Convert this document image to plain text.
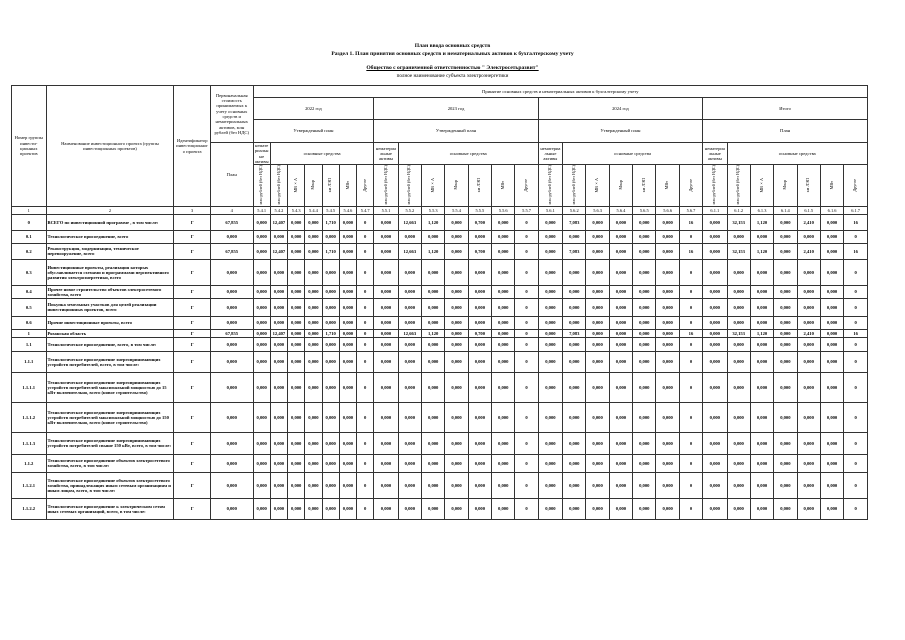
План ввода основных средств
Раздел 1. План принятия основных средств и нематериальных активов к бухгалтерскому учету
Общество с ограниченной ответственностью " Электросетьразвит"
полное наименование субъекта электроэнергетики
Номер группы инвести-ционных проектов	Наименование инвестиционного проекта (группы инвестиционных проектов)	Идентификатор инвестиционного проекта	Первоначальная стоимость принимаемых к учету основных средств и нематериальных активов, млн рублей (без НДС)	Принятие основных средств и нематериальных активов к бухгалтерскому учету																											
				2022 год							2023 год							2024 год							Итого						
				Утвержденный план							Утвержденный план							Утвержденный план							План						
			План	нематериальные активы	основные средства						нематериальные активы	основные средства						нематериальные активы	основные средства						нематериальные активы	основные средства					
				млн рублей (без НДС)	млн рублей (без НДС)	МВ×А	Мвар	км ЛЭП	МВт	Другое	млн рублей (без НДС)	млн рублей (без НДС)	МВ×А	Мвар	км ЛЭП	МВт	Другое	млн рублей (без НДС)	млн рублей (без НДС)	МВ×А	Мвар	км ЛЭП	МВт	Другое	млн рублей (без НДС)	млн рублей (без НДС)	МВ×А	Мвар	км ЛЭП	МВт	Другое
1	2	3	4	5.4.1	5.4.2	5.4.3	5.4.4	5.4.5	5.4.6	5.4.7	5.5.1	5.5.2	5.5.3	5.5.4	5.5.5	5.5.6	5.5.7	5.6.1	5.6.2	5.6.3	5.6.4	5.6.5	5.6.6	5.6.7	6.1.1	6.1.2	6.1.3	6.1.4	6.1.5	6.1.6	6.1.7
0	ВСЕГО по инвестиционной программе , в том числе:	Г	67,855	0,000	12,407	0,000	0,000	1,710	0,000	0	0,000	12,663	1,120	0,000	0,700	0,000	0	0,000	7,083	0,000	0,000	0,000	0,000	16	0,000	32,153	1,120	0,000	2,410	0,000	16
0.1	Технологическое присоединение, всего	Г	0,000	0,000	0,000	0,000	0,000	0,000	0,000	0	0,000	0,000	0,000	0,000	0,000	0,000	0	0,000	0,000	0,000	0,000	0,000	0,000	0	0,000	0,000	0,000	0,000	0,000	0,000	0
0.2	Реконструкция, модернизация, техническое перевооружение, всего	Г	67,855	0,000	12,407	0,000	0,000	1,710	0,000	0	0,000	12,663	1,120	0,000	0,700	0,000	0	0,000	7,083	0,000	0,000	0,000	0,000	16	0,000	32,153	1,120	0,000	2,410	0,000	16
0.3	Инвестиционные проекты, реализация которых обуславливается схемами и программами перспективного развития электроэнергетики, всего	Г	0,000	0,000	0,000	0,000	0,000	0,000	0,000	0	0,000	0,000	0,000	0,000	0,000	0,000	0	0,000	0,000	0,000	0,000	0,000	0,000	0	0,000	0,000	0,000	0,000	0,000	0,000	0
0.4	Прочее новое строительство объектов электросетевого хозяйства, всего	Г	0,000	0,000	0,000	0,000	0,000	0,000	0,000	0	0,000	0,000	0,000	0,000	0,000	0,000	0	0,000	0,000	0,000	0,000	0,000	0,000	0	0,000	0,000	0,000	0,000	0,000	0,000	0
0.5	Покупка земельных участков для целей реализации инвестиционных проектов, всего	Г	0,000	0,000	0,000	0,000	0,000	0,000	0,000	0	0,000	0,000	0,000	0,000	0,000	0,000	0	0,000	0,000	0,000	0,000	0,000	0,000	0	0,000	0,000	0,000	0,000	0,000	0,000	0
0.6	Прочие инвестиционные проекты, всего	Г	0,000	0,000	0,000	0,000	0,000	0,000	0,000	0	0,000	0,000	0,000	0,000	0,000	0,000	0	0,000	0,000	0,000	0,000	0,000	0,000	0	0,000	0,000	0,000	0,000	0,000	0,000	0
1	Рязанская область	Г	67,855	0,000	12,407	0,000	0,000	1,710	0,000	0	0,000	12,663	1,120	0,000	0,700	0,000	0	0,000	7,083	0,000	0,000	0,000	0,000	16	0,000	32,153	1,120	0,000	2,410	0,000	16
1.1	Технологическое присоединение, всего, в том числе:	Г	0,000	0,000	0,000	0,000	0,000	0,000	0,000	0	0,000	0,000	0,000	0,000	0,000	0,000	0	0,000	0,000	0,000	0,000	0,000	0,000	0	0,000	0,000	0,000	0,000	0,000	0,000	0
1.1.1	Технологическое присоединение энергопринимающих устройств потребителей, всего, в том числе:	Г	0,000	0,000	0,000	0,000	0,000	0,000	0,000	0	0,000	0,000	0,000	0,000	0,000	0,000	0	0,000	0,000	0,000	0,000	0,000	0,000	0	0,000	0,000	0,000	0,000	0,000	0,000	0
1.1.1.1	Технологическое присоединение энергопринимающих устройств потребителей максимальной мощностью до 15 кВт включительно, всего (новое строительство)	Г	0,000	0,000	0,000	0,000	0,000	0,000	0,000	0	0,000	0,000	0,000	0,000	0,000	0,000	0	0,000	0,000	0,000	0,000	0,000	0,000	0	0,000	0,000	0,000	0,000	0,000	0,000	0
1.1.1.2	Технологическое присоединение энергопринимающих устройств потребителей максимальной мощностью до 150 кВт включительно, всего (новое строительство)	Г	0,000	0,000	0,000	0,000	0,000	0,000	0,000	0	0,000	0,000	0,000	0,000	0,000	0,000	0	0,000	0,000	0,000	0,000	0,000	0,000	0	0,000	0,000	0,000	0,000	0,000	0,000	0
1.1.1.3	Технологическое присоединение энергопринимающих устройств потребителей свыше 150 кВт, всего, в том числе:	Г	0,000	0,000	0,000	0,000	0,000	0,000	0,000	0	0,000	0,000	0,000	0,000	0,000	0,000	0	0,000	0,000	0,000	0,000	0,000	0,000	0	0,000	0,000	0,000	0,000	0,000	0,000	0
1.1.2	Технологическое присоединение объектов электросетевого хозяйства, всего, в том числе:	Г	0,000	0,000	0,000	0,000	0,000	0,000	0,000	0	0,000	0,000	0,000	0,000	0,000	0,000	0	0,000	0,000	0,000	0,000	0,000	0,000	0	0,000	0,000	0,000	0,000	0,000	0,000	0
1.1.2.1	Технологическое присоединение объектов электросетевого хозяйства, принадлежащих иным сетевым организациям и иным лицам, всего, в том числе:	Г	0,000	0,000	0,000	0,000	0,000	0,000	0,000	0	0,000	0,000	0,000	0,000	0,000	0,000	0	0,000	0,000	0,000	0,000	0,000	0,000	0	0,000	0,000	0,000	0,000	0,000	0,000	0
1.1.2.2	Технологическое присоединение к электрическим сетям иных сетевых организаций, всего, в том числе:	Г	0,000	0,000	0,000	0,000	0,000	0,000	0,000	0	0,000	0,000	0,000	0,000	0,000	0,000	0	0,000	0,000	0,000	0,000	0,000	0,000	0	0,000	0,000	0,000	0,000	0,000	0,000	0
